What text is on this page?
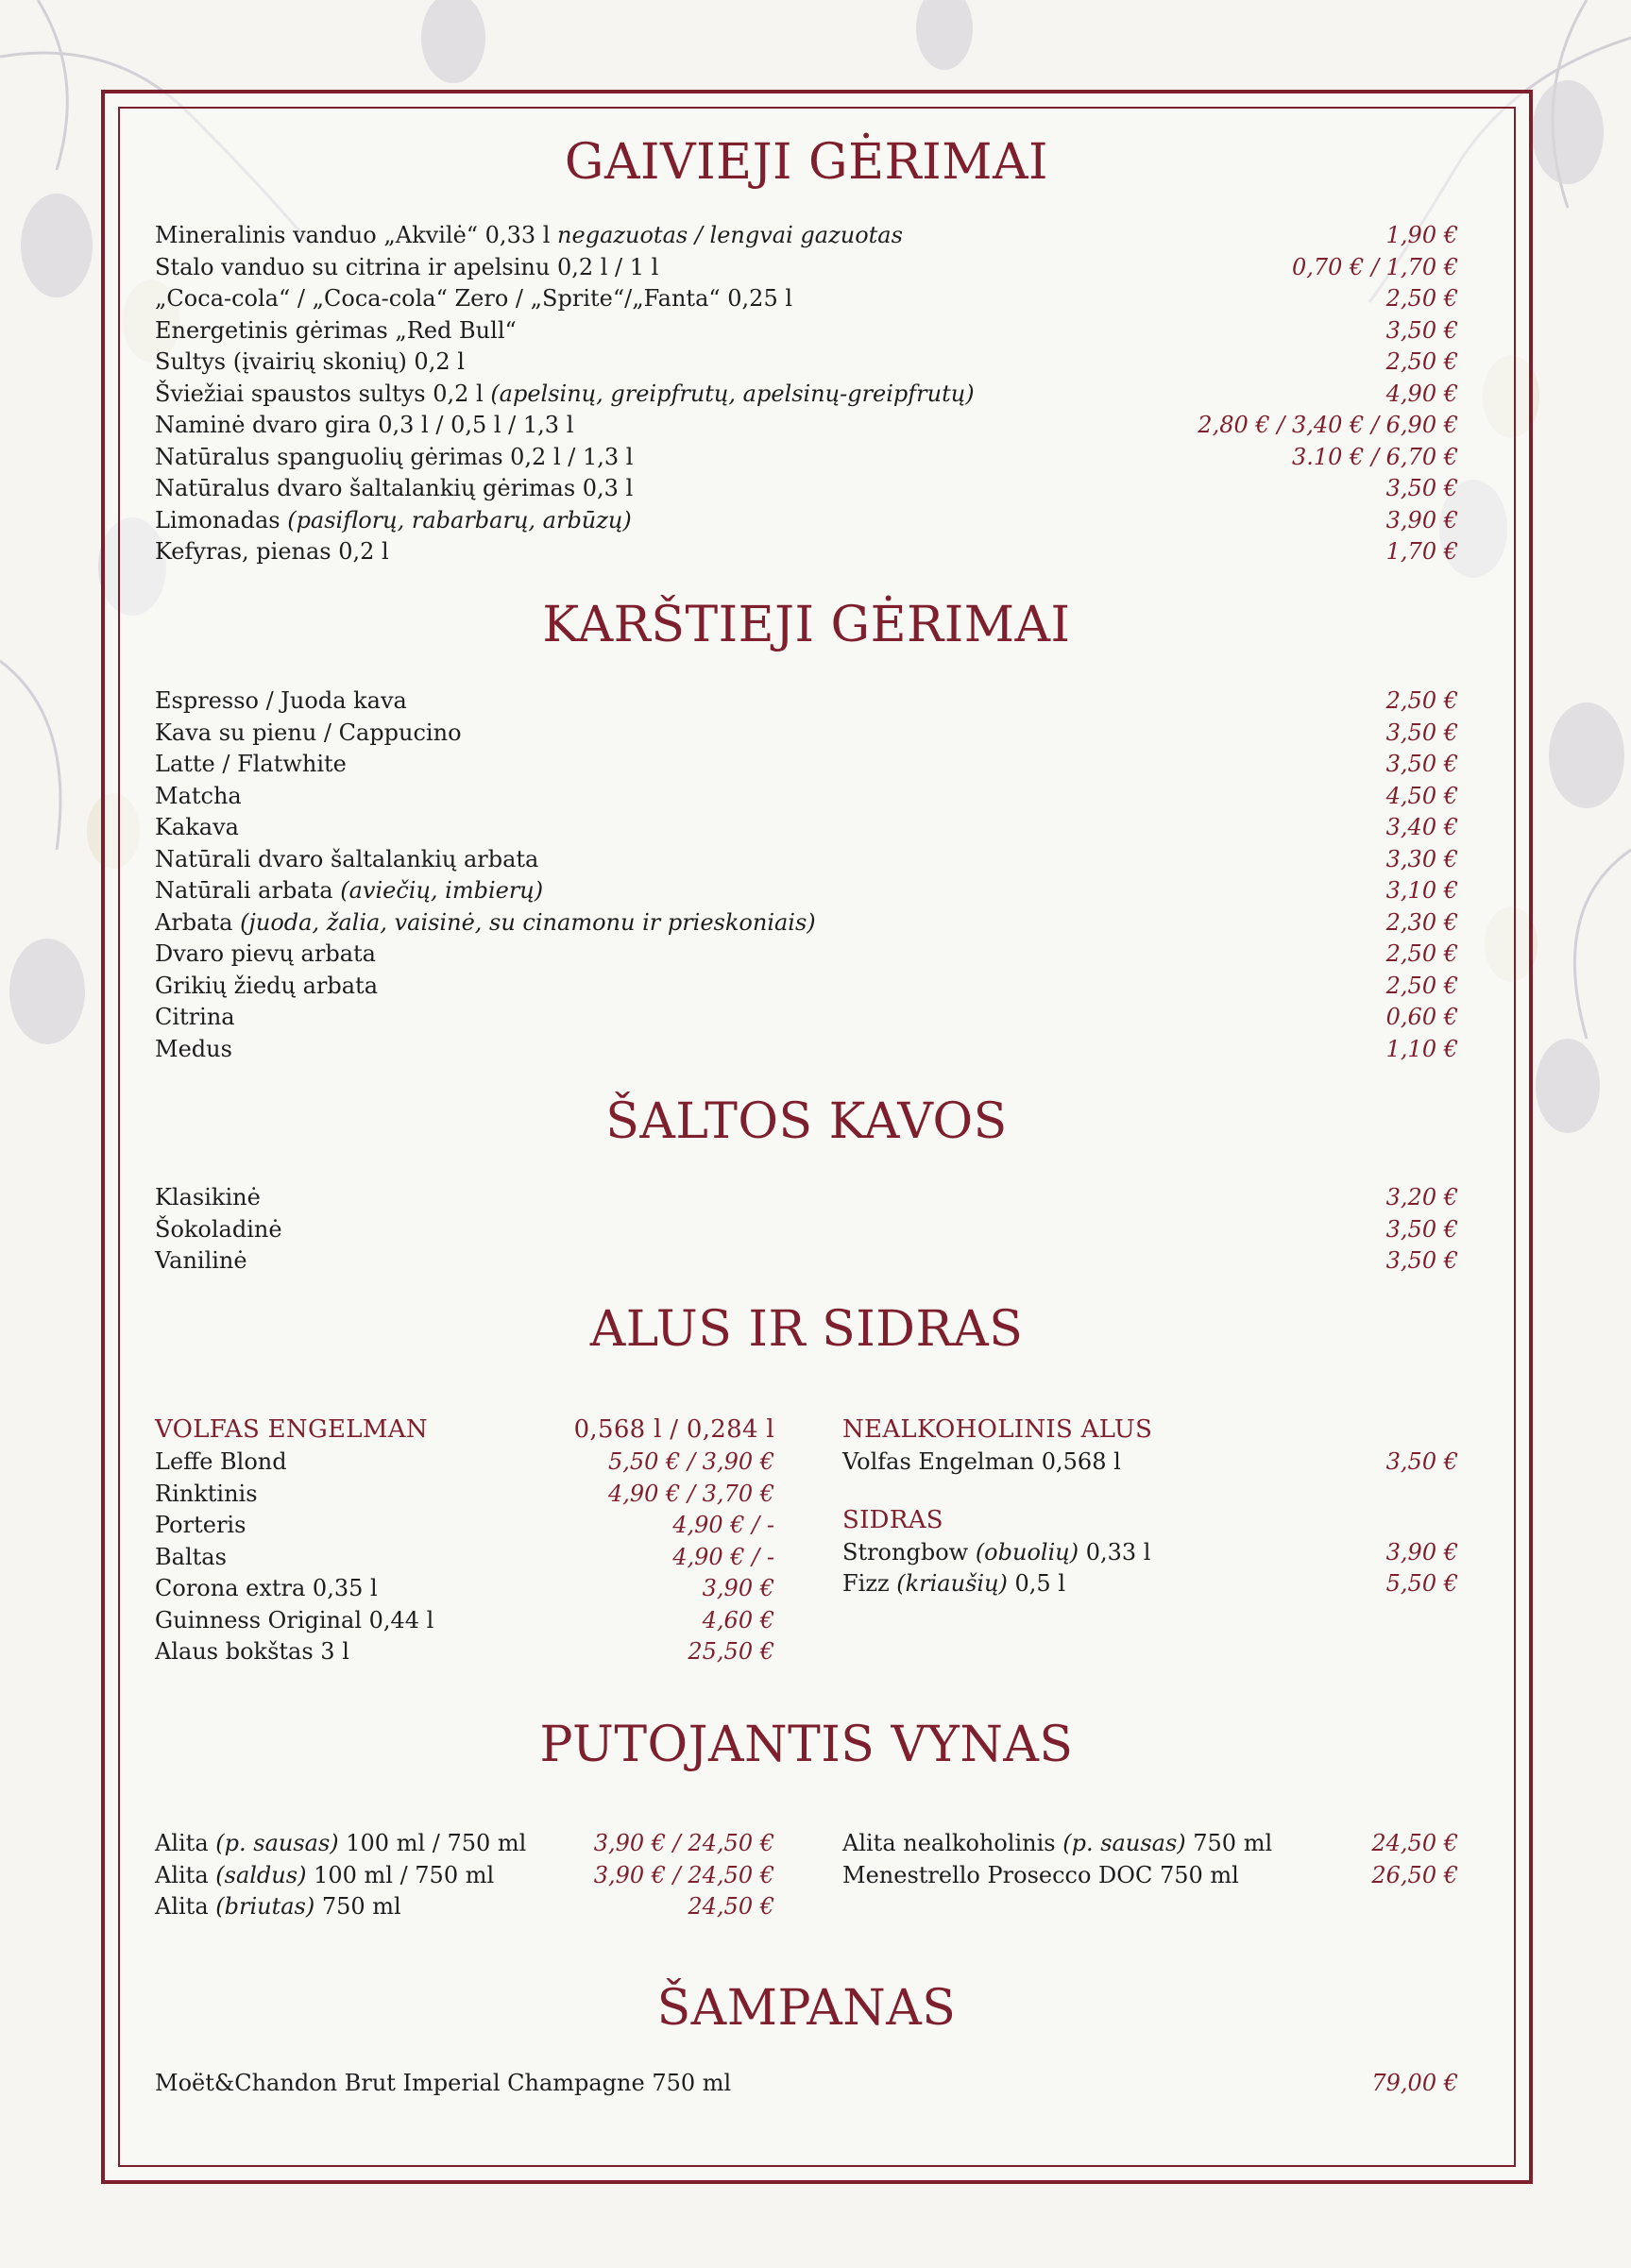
GAIVIEJI GĖRIMAI
Mineralinis vanduo „Akvilė“ 0,33 l negazuotas / lengvai gazuotas	1,90 €
Stalo vanduo su citrina ir apelsinu 0,2 l / 1 l	0,70 € / 1,70 €
„Coca-cola“ / „Coca-cola“ Zero / „Sprite“/„Fanta“ 0,25 l	2,50 €
Energetinis gėrimas „Red Bull“	3,50 €
Sultys (įvairių skonių) 0,2 l	2,50 €
Šviežiai spaustos sultys 0,2 l (apelsinų, greipfrutų, apelsinų-greipfrutų)	4,90 €
Naminė dvaro gira 0,3 l / 0,5 l / 1,3 l	2,80 € / 3,40 € / 6,90 €
Natūralus spanguolių gėrimas 0,2 l / 1,3 l	3.10 € / 6,70 €
Natūralus dvaro šaltalankių gėrimas 0,3 l	3,50 €
Limonadas (pasiflorų, rabarbarų, arbūzų)	3,90 €
Kefyras, pienas 0,2 l	1,70 €
KARŠTIEJI GĖRIMAI
Espresso / Juoda kava	2,50 €
Kava su pienu / Cappucino	3,50 €
Latte / Flatwhite	3,50 €
Matcha	4,50 €
Kakava	3,40 €
Natūrali dvaro šaltalankių arbata	3,30 €
Natūrali arbata (aviečių, imbierų)	3,10 €
Arbata (juoda, žalia, vaisinė, su cinamonu ir prieskoniais)	2,30 €
Dvaro pievų arbata	2,50 €
Grikių žiedų arbata	2,50 €
Citrina	0,60 €
Medus	1,10 €
ŠALTOS KAVOS
Klasikinė	3,20 €
Šokoladinė	3,50 €
Vanilinė	3,50 €
ALUS IR SIDRAS
VOLFAS ENGELMAN	0,568 l / 0,284 l
Leffe Blond	5,50 € / 3,90 €
Rinktinis	4,90 € / 3,70 €
Porteris	4,90 € / -
Baltas	4,90 € / -
Corona extra 0,35 l	3,90 €
Guinness Original 0,44 l	4,60 €
Alaus bokštas 3 l	25,50 €
NEALKOHOLINIS ALUS
Volfas Engelman 0,568 l	3,50 €
SIDRAS
Strongbow (obuolių) 0,33 l	3,90 €
Fizz (kriaušių) 0,5 l	5,50 €
PUTOJANTIS VYNAS
Alita (p. sausas) 100 ml / 750 ml	3,90 € / 24,50 €
Alita (saldus) 100 ml / 750 ml	3,90 € / 24,50 €
Alita (briutas) 750 ml	24,50 €
Alita nealkoholinis (p. sausas) 750 ml	24,50 €
Menestrello Prosecco DOC 750 ml	26,50 €
ŠAMPANAS
Moët&Chandon Brut Imperial Champagne 750 ml	79,00 €
